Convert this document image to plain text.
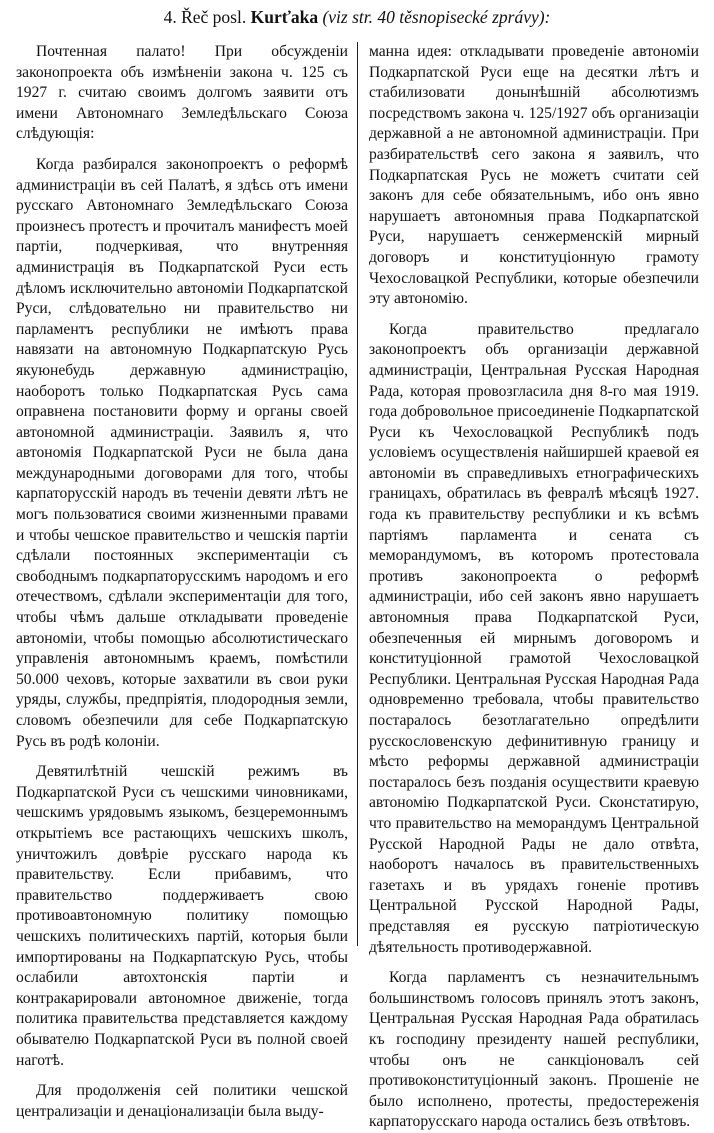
4. Řeč posl. Kurťaka (viz str. 40 těsnopisecké zprávy):

Почтенная палато! При обсужденіи законопроекта объ измѣненіи закона ч. 125 съ 1927 г. считаю своимъ долгомъ заявити отъ имени Автономнаго Земледѣльскаго Союза слѣдующія:

Когда разбирался законопроектъ о реформѣ администраціи въ сей Палатѣ, я здѣсь отъ имени русскаго Автономнаго Земледѣльскаго Союза произнесъ протестъ и прочиталъ манифестъ моей партіи, подчеркивая, что внутренняя администрація въ Подкарпатской Руси есть дѣломъ исключительно автономіи Подкарпатской Руси, слѣдовательно ни правительство ни парламентъ республики не имѣютъ права навязати на автономную Подкарпатскую Русь якуюнебудь державную администрацію, наоборотъ только Подкарпатская Русь сама оправнена постановити форму и органы своей автономной администраціи. Заявилъ я, что автономія Подкарпатской Руси не была дана международными договорами для того, чтобы карпаторусскій народъ въ теченіи девяти лѣтъ не могъ пользоватися своими жизненными правами и чтобы чешское правительство и чешскія партіи сдѣлали постоянных экспериментаціи съ свободнымъ подкарпаторусскимъ народомъ и его отечествомъ, сдѣлали экспериментаціи для того, чтобы чѣмъ дальше откладывати проведеніе автономіи, чтобы помощью абсолютистическаго управленія автономнымъ краемъ, помѣстили 50.000 чеховъ, которые захватили въ свои руки уряды, службы, предпріятія, плодородныя земли, словомъ обезпечили для себе Подкарпатскую Русь въ родѣ колоніи.

Девятилѣтній чешскій режимъ въ Подкарпатской Руси съ чешскими чиновниками, чешскимъ урядовымъ языкомъ, безцеремоннымъ открытіемъ все растающихъ чешскихъ школъ, уничтожилъ довѣріе русскаго народа къ правительству. Если прибавимъ, что правительство поддерживаетъ свою противоавтономную политику помощью чешскихъ политическихъ партій, которыя были импортированы на Подкарпатскую Русь, чтобы ослабили автохтонскія партіи и контракарировали автономное движеніе, тогда политика правительства представляется каждому обывателю Подкарпатской Руси въ полной своей наготѣ.

Для продолженія сей политики чешской централизаціи и денаціонализаціи была выду-

манна идея: откладывати проведеніе автономіи Подкарпатской Руси еще на десятки лѣтъ и стабилизовати донынѣшній абсолютизмъ посредствомъ закона ч. 125/1927 объ организаціи державной а не автономной администраціи. При разбирательствѣ сего закона я заявилъ, что Подкарпатская Русь не можетъ считати сей законъ для себе обязательнымъ, ибо онъ явно нарушаетъ автономныя права Подкарпатской Руси, нарушаетъ сенжерменскій мирный договоръ и конституціонную грамоту Чехословацкой Республики, которые обезпечили эту автономію.

Когда правительство предлагало законопроектъ объ организаціи державной администраціи, Центральная Русская Народная Рада, которая провозгласила дня 8-го мая 1919. года добровольное присоединеніе Подкарпатской Руси къ Чехословацкой Республикѣ подъ условіемъ осуществленія найширшей краевой ея автономіи въ справедливыхъ етнографическихъ границахъ, обратилась въ февралѣ мѣсяцѣ 1927. года къ правительству республики и къ всѣмъ партіямъ парламента и сената съ меморандумомъ, въ которомъ протестовала противъ законопроекта о реформѣ администраціи, ибо сей законъ явно нарушаетъ автономныя права Подкарпатской Руси, обезпеченныя ей мирнымъ договоромъ и конституціонной грамотой Чехословацкой Республики. Центральная Русская Народная Рада одновременно требовала, чтобы правительство постаралось безотлагательно опредѣлити русскословенскую дефинитивную границу и мѣсто реформы державной администраціи постаралось безъ позданія осуществити краевую автономію Подкарпатской Руси. Сконстатирую, что правительство на меморандумъ Центральной Русской Народной Рады не дало отвѣта, наоборотъ началось въ правительственныхъ газетахъ и въ урядахъ гоненіе противъ Центральной Русской Народной Рады, представляя ея русскую патріотическую дѣятельность противодержавной.

Когда парламентъ съ незначительнымъ большинствомъ голосовъ принялъ этотъ законъ, Центральная Русская Народная Рада обратилась къ господину президенту нашей республики, чтобы онъ не санкціоновалъ сей противоконституціонный законъ. Прошеніе не было исполнено, протесты, предостереженія карпаторусскаго народа остались безъ отвѣтовъ.
